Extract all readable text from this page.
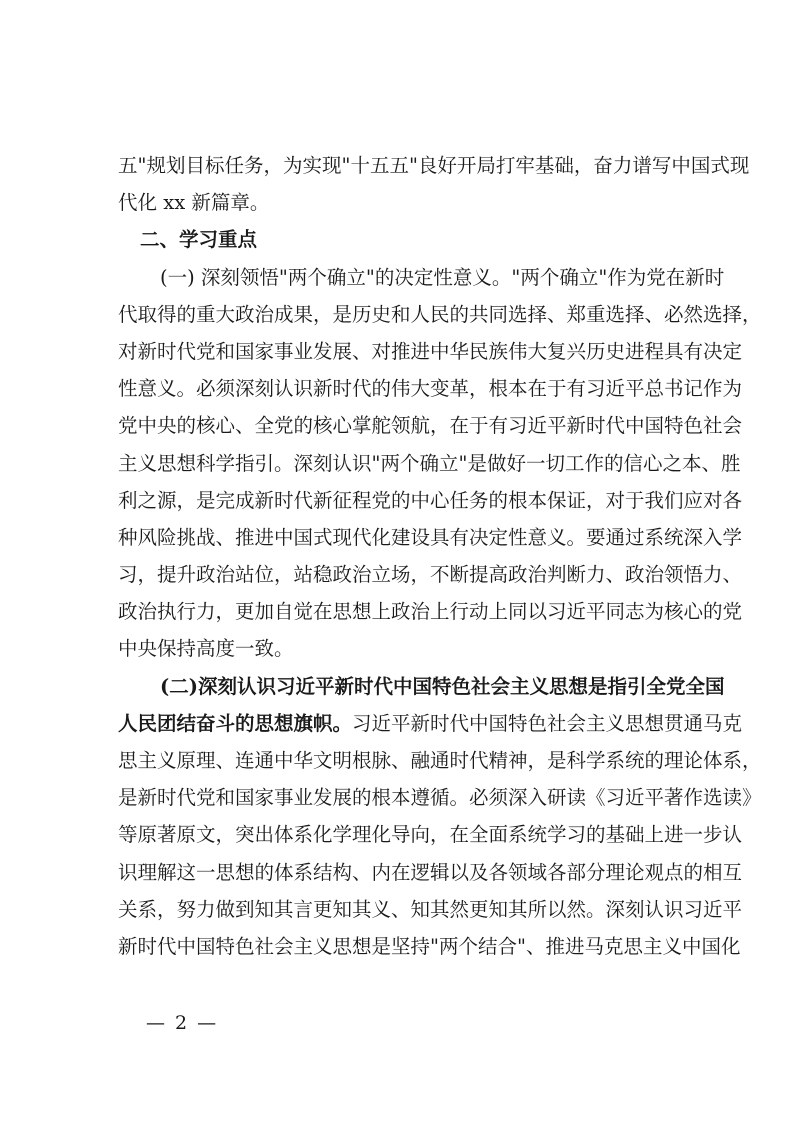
五"规划目标任务，为实现"十五五"良好开局打牢基础，奋力谱写中国式现
代化 xx 新篇章。
二、学习重点
(一) 深刻领悟"两个确立"的决定性意义。"两个确立"作为党在新时
代取得的重大政治成果，是历史和人民的共同选择、郑重选择、必然选择，
对新时代党和国家事业发展、对推进中华民族伟大复兴历史进程具有决定
性意义。必须深刻认识新时代的伟大变革，根本在于有习近平总书记作为
党中央的核心、全党的核心掌舵领航，在于有习近平新时代中国特色社会
主义思想科学指引。深刻认识"两个确立"是做好一切工作的信心之本、胜
利之源，是完成新时代新征程党的中心任务的根本保证，对于我们应对各
种风险挑战、推进中国式现代化建设具有决定性意义。要通过系统深入学
习，提升政治站位，站稳政治立场，不断提高政治判断力、政治领悟力、
政治执行力，更加自觉在思想上政治上行动上同以习近平同志为核心的党
中央保持高度一致。
(二)深刻认识习近平新时代中国特色社会主义思想是指引全党全国
人民团结奋斗的思想旗帜。习近平新时代中国特色社会主义思想贯通马克
思主义原理、连通中华文明根脉、融通时代精神，是科学系统的理论体系，
是新时代党和国家事业发展的根本遵循。必须深入研读《习近平著作选读》
等原著原文，突出体系化学理化导向，在全面系统学习的基础上进一步认
识理解这一思想的体系结构、内在逻辑以及各领域各部分理论观点的相互
关系，努力做到知其言更知其义、知其然更知其所以然。深刻认识习近平
新时代中国特色社会主义思想是坚持"两个结合"、推进马克思主义中国化
— 2 —
